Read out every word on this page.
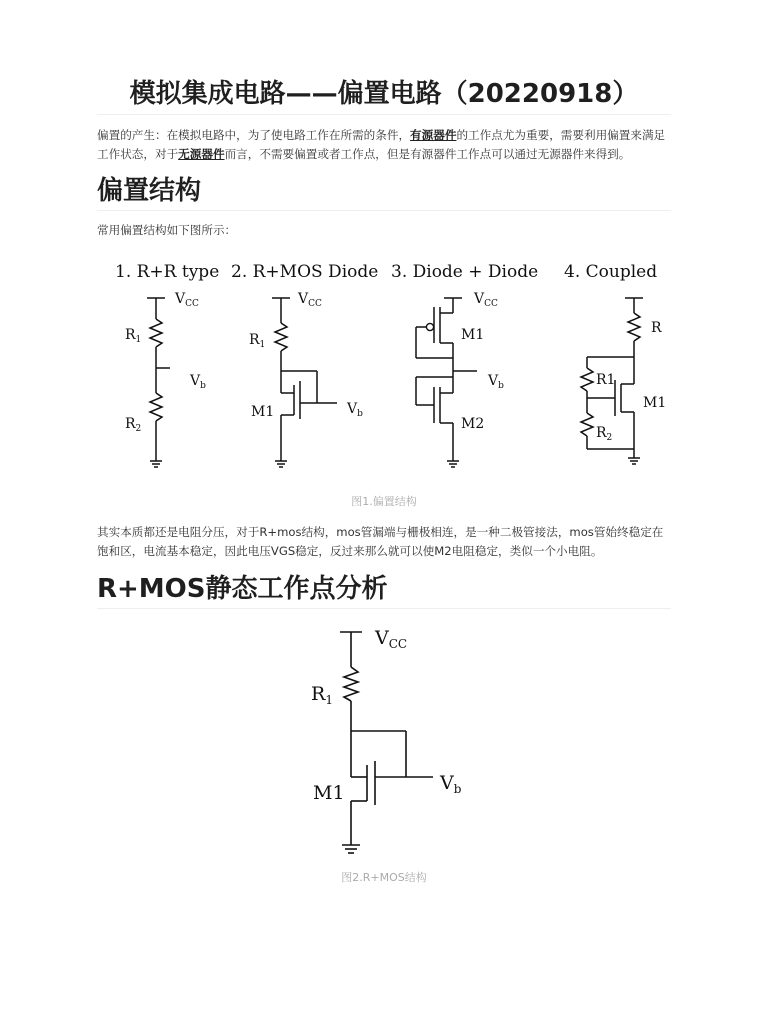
模拟集成电路——偏置电路（20220918）

偏置的产生：在模拟电路中，为了使电路工作在所需的条件，有源器件的工作点尤为重要，需要利用偏置来满足工作状态，对于无源器件而言，不需要偏置或者工作点，但是有源器件工作点可以通过无源器件来得到。

偏置结构

常用偏置结构如下图所示：

1. R+R type 2. R+MOS Diode 3. Diode + Diode 4. Coupled
$V_{CC}$
$R_1$
$V_b$
$R_2$
$V_{CC}$
$R_1$
M1	$V_b$
$V_{CC}$
M1
$V_b$
M2
R
R1
M1
$R_2$
图1.偏置结构

其实本质都还是电阻分压，对于R+mos结构，mos管漏端与栅极相连，是一种二极管接法，mos管始终稳定在饱和区，电流基本稳定，因此电压VGS稳定，反过来那么就可以使M2电阻稳定，类似一个小电阻。

R+MOS静态工作点分析
$V_{CC}$
$R_1$
M1	$V_b$
图2.R+MOS结构
